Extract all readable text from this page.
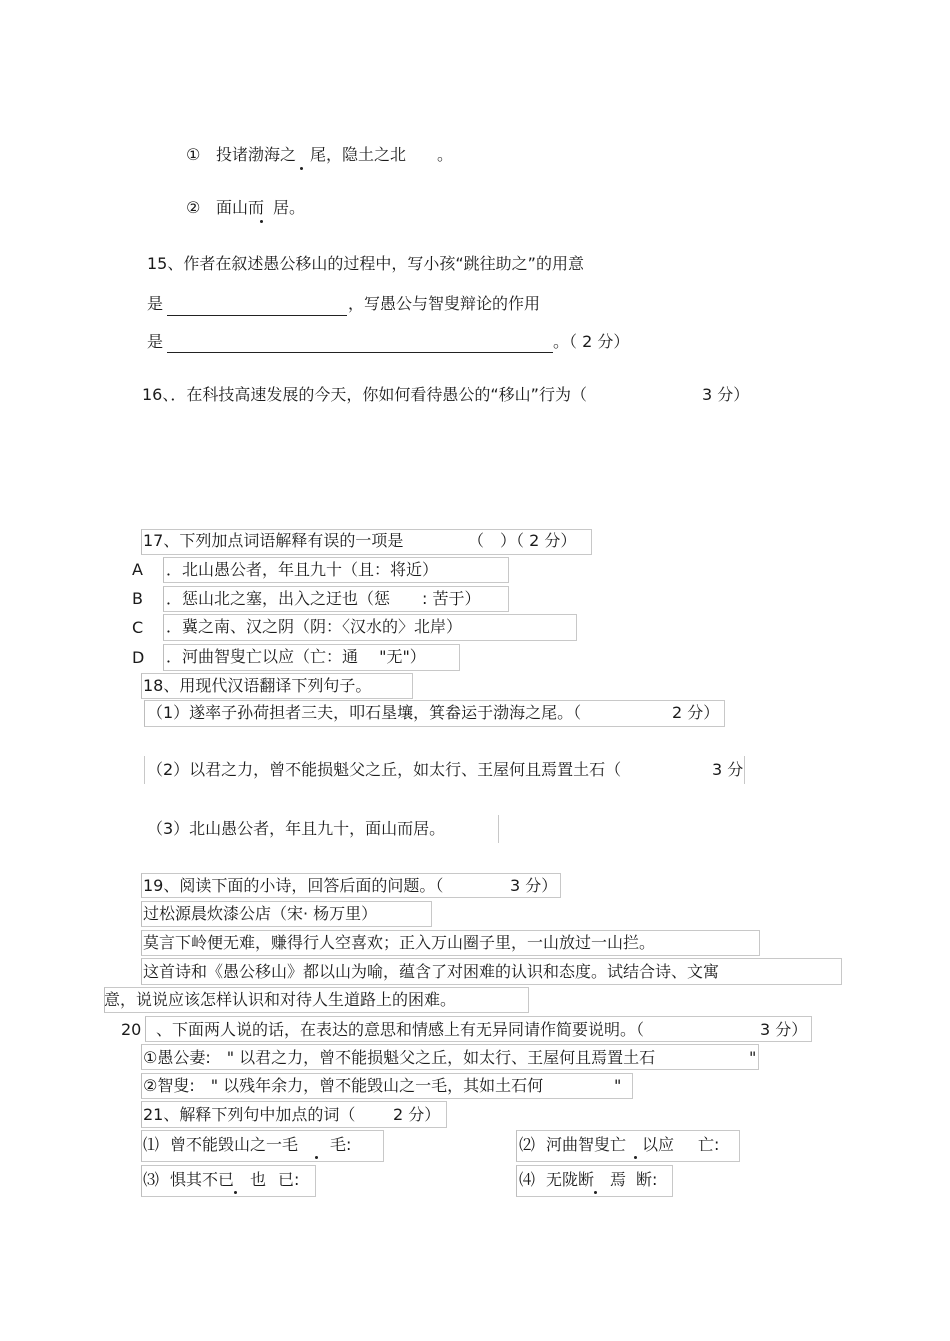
① 投诸渤海之 尾，隐土之北 。
② 面山而 居。
15、作者在叙述愚公移山的过程中，写小孩“跳往助之”的用意
是	，写愚公与智叟辩论的作用
是	。（ 2 分）
16、．在科技高速发展的今天，你如何看待愚公的“移山”行为（	3 分）
17、下列加点词语解释有误的一项是	（　）（ 2 分）
A ．北山愚公者，年且九十（且：将近）
B ．惩山北之塞，出入之迂也（惩　　: 苦于）
C ．冀之南、汉之阴（阴：〈汉水的〉北岸）
D ．河曲智叟亡以应（亡：通　 "无"）
18、用现代汉语翻译下列句子。
（1）遂率子孙荷担者三夫，叩石垦壤，箕畚运于渤海之尾。（	2 分）
（2）以君之力，曾不能损魁父之丘，如太行、王屋何且焉置土石（	3 分
（3）北山愚公者，年且九十，面山而居。
19、阅读下面的小诗，回答后面的问题。（	3 分）
过松源晨炊漆公店（宋· 杨万里）
莫言下岭便无难，赚得行人空喜欢；正入万山圈子里，一山放过一山拦。
这首诗和《愚公移山》都以山为喻，蕴含了对困难的认识和态度。试结合诗、文寓
意，说说应该怎样认识和对待人生道路上的困难。
20 、下面两人说的话，在表达的意思和情感上有无异同请作简要说明。（	3 分）
①愚公妻:　" 以君之力，曾不能损魁父之丘，如太行、王屋何且焉置土石	"
②智叟:　" 以残年余力，曾不能毁山之一毛，其如土石何	"
21、解释下列句中加点的词（ 2 分）
⑴ 曾不能毁山之一毛 毛:	⑵ 河曲智叟亡　以应 亡:
⑶ 惧其不已　也 已:	⑷ 无陇断　焉 断:
